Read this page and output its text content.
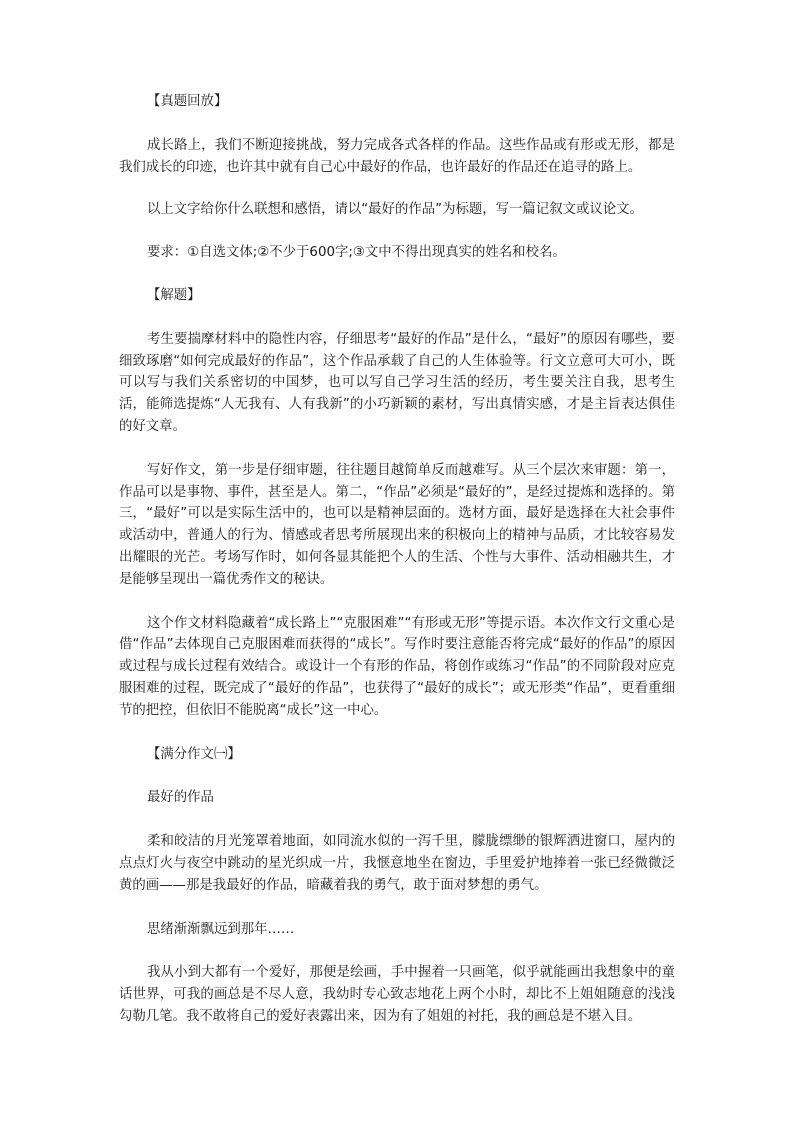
【真题回放】

成长路上，我们不断迎接挑战，努力完成各式各样的作品。这些作品或有形或无形，都是我们成长的印迹，也许其中就有自己心中最好的作品，也许最好的作品还在追寻的路上。

以上文字给你什么联想和感悟，请以“最好的作品”为标题，写一篇记叙文或议论文。

要求：①自选文体;②不少于600字;③文中不得出现真实的姓名和校名。

【解题】

考生要揣摩材料中的隐性内容，仔细思考“最好的作品”是什么，“最好”的原因有哪些，要细致琢磨“如何完成最好的作品”，这个作品承载了自己的人生体验等。行文立意可大可小，既可以写与我们关系密切的中国梦，也可以写自己学习生活的经历，考生要关注自我，思考生活，能筛选提炼“人无我有、人有我新”的小巧新颖的素材，写出真情实感，才是主旨表达俱佳的好文章。

写好作文，第一步是仔细审题，往往题目越简单反而越难写。从三个层次来审题：第一，作品可以是事物、事件，甚至是人。第二，“作品”必须是“最好的”，是经过提炼和选择的。第三，“最好”可以是实际生活中的，也可以是精神层面的。选材方面，最好是选择在大社会事件或活动中，普通人的行为、情感或者思考所展现出来的积极向上的精神与品质，才比较容易发出耀眼的光芒。考场写作时，如何各显其能把个人的生活、个性与大事件、活动相融共生，才是能够呈现出一篇优秀作文的秘诀。

这个作文材料隐藏着“成长路上”“克服困难”“有形或无形”等提示语。本次作文行文重心是借“作品”去体现自己克服困难而获得的“成长”。写作时要注意能否将完成“最好的作品”的原因或过程与成长过程有效结合。或设计一个有形的作品，将创作或练习“作品”的不同阶段对应克服困难的过程，既完成了“最好的作品”，也获得了“最好的成长”；或无形类“作品”，更看重细节的把控，但依旧不能脱离“成长”这一中心。

【满分作文㈠】

最好的作品

柔和皎洁的月光笼罩着地面，如同流水似的一泻千里，朦胧缥缈的银辉洒进窗口，屋内的点点灯火与夜空中跳动的星光织成一片，我惬意地坐在窗边，手里爱护地捧着一张已经微微泛黄的画——那是我最好的作品，暗藏着我的勇气，敢于面对梦想的勇气。

思绪渐渐飘远到那年……

我从小到大都有一个爱好，那便是绘画，手中握着一只画笔，似乎就能画出我想象中的童话世界，可我的画总是不尽人意，我幼时专心致志地花上两个小时，却比不上姐姐随意的浅浅勾勒几笔。我不敢将自己的爱好表露出来，因为有了姐姐的衬托，我的画总是不堪入目。
